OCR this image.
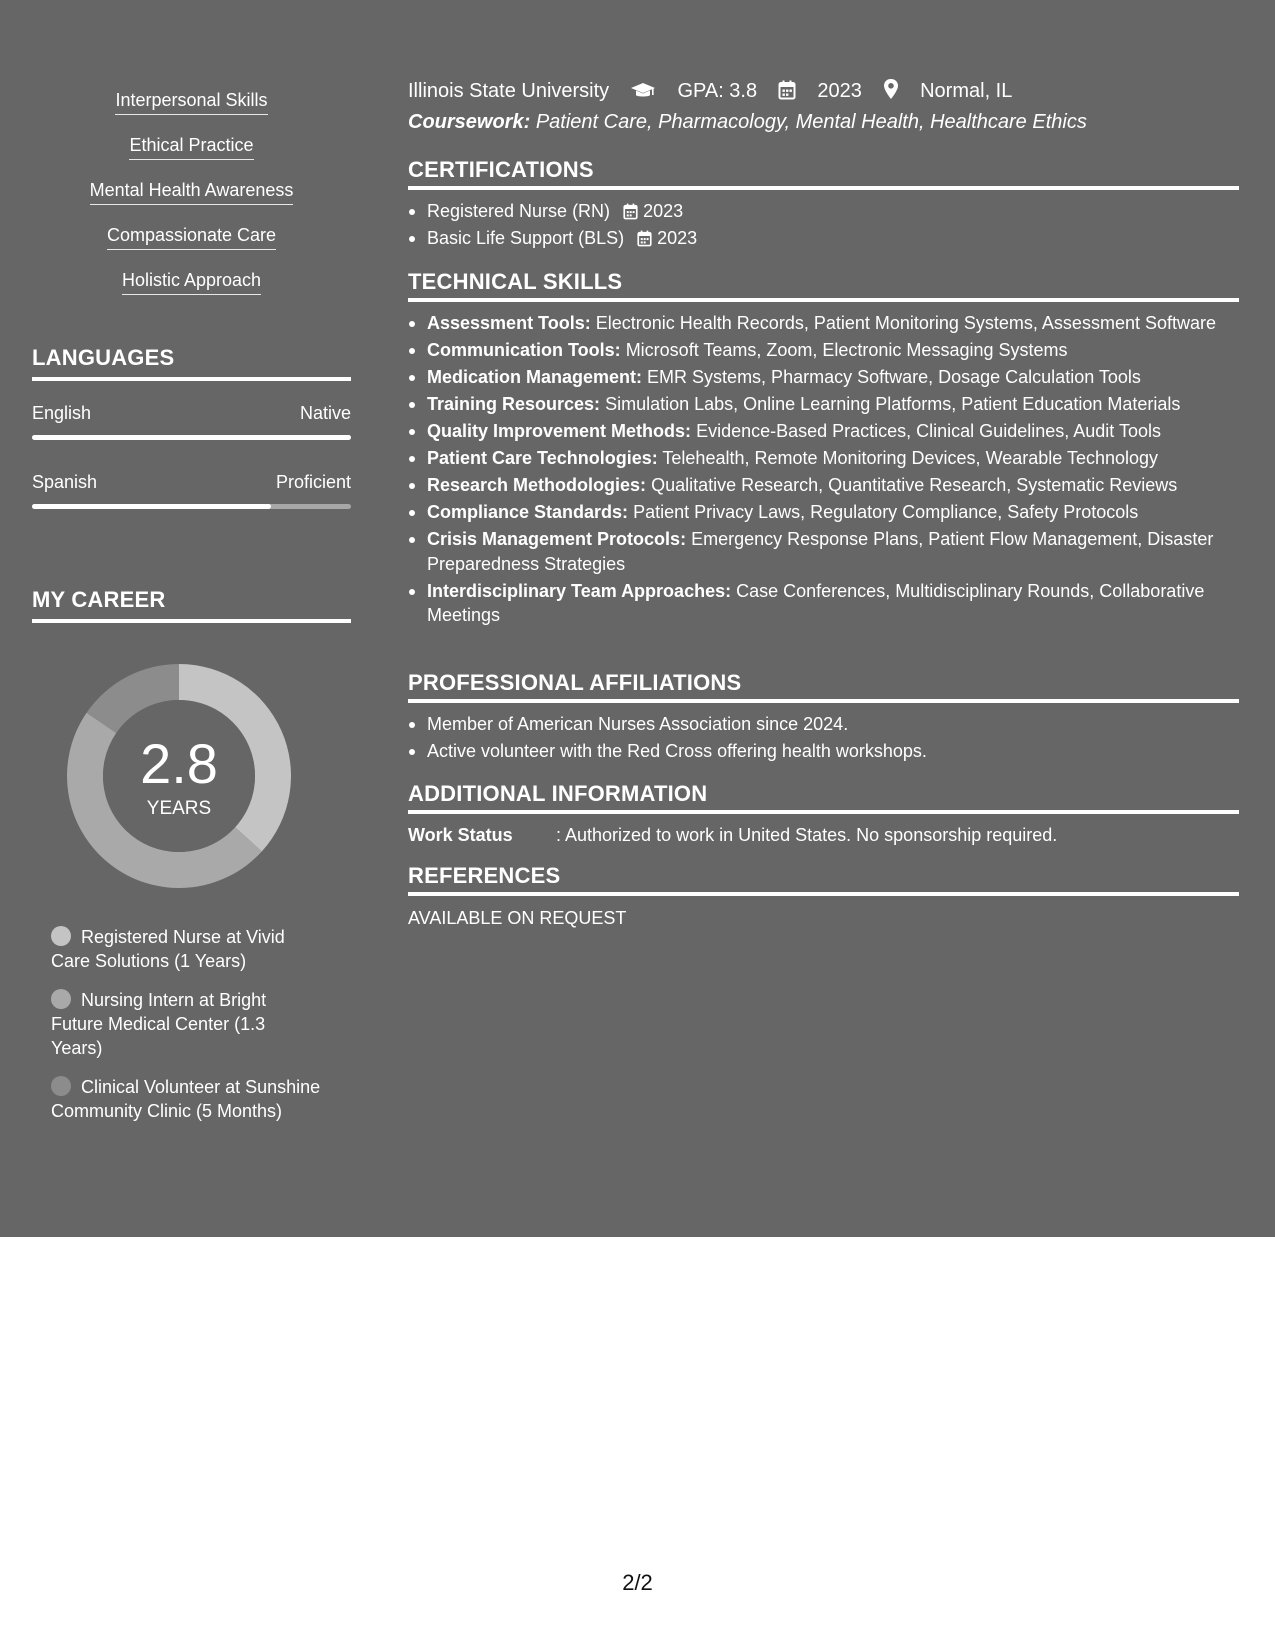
Interpersonal Skills
Ethical Practice
Mental Health Awareness
Compassionate Care
Holistic Approach
LANGUAGES
English	Native
Spanish	Proficient
MY CAREER
2.8
YEARS
Registered Nurse at Vivid Care Solutions (1 Years)
Nursing Intern at Bright Future Medical Center (1.3 Years)
Clinical Volunteer at Sunshine Community Clinic (5 Months)
Illinois State University	GPA: 3.8	2023	Normal, IL
Coursework: Patient Care, Pharmacology, Mental Health, Healthcare Ethics
CERTIFICATIONS
Registered Nurse (RN) 2023
Basic Life Support (BLS) 2023
TECHNICAL SKILLS
Assessment Tools: Electronic Health Records, Patient Monitoring Systems, Assessment Software
Communication Tools: Microsoft Teams, Zoom, Electronic Messaging Systems
Medication Management: EMR Systems, Pharmacy Software, Dosage Calculation Tools
Training Resources: Simulation Labs, Online Learning Platforms, Patient Education Materials
Quality Improvement Methods: Evidence-Based Practices, Clinical Guidelines, Audit Tools
Patient Care Technologies: Telehealth, Remote Monitoring Devices, Wearable Technology
Research Methodologies: Qualitative Research, Quantitative Research, Systematic Reviews
Compliance Standards: Patient Privacy Laws, Regulatory Compliance, Safety Protocols
Crisis Management Protocols: Emergency Response Plans, Patient Flow Management, Disaster Preparedness Strategies
Interdisciplinary Team Approaches: Case Conferences, Multidisciplinary Rounds, Collaborative Meetings
PROFESSIONAL AFFILIATIONS
Member of American Nurses Association since 2024.
Active volunteer with the Red Cross offering health workshops.
ADDITIONAL INFORMATION
Work Status : Authorized to work in United States. No sponsorship required.
REFERENCES
AVAILABLE ON REQUEST
2/2
